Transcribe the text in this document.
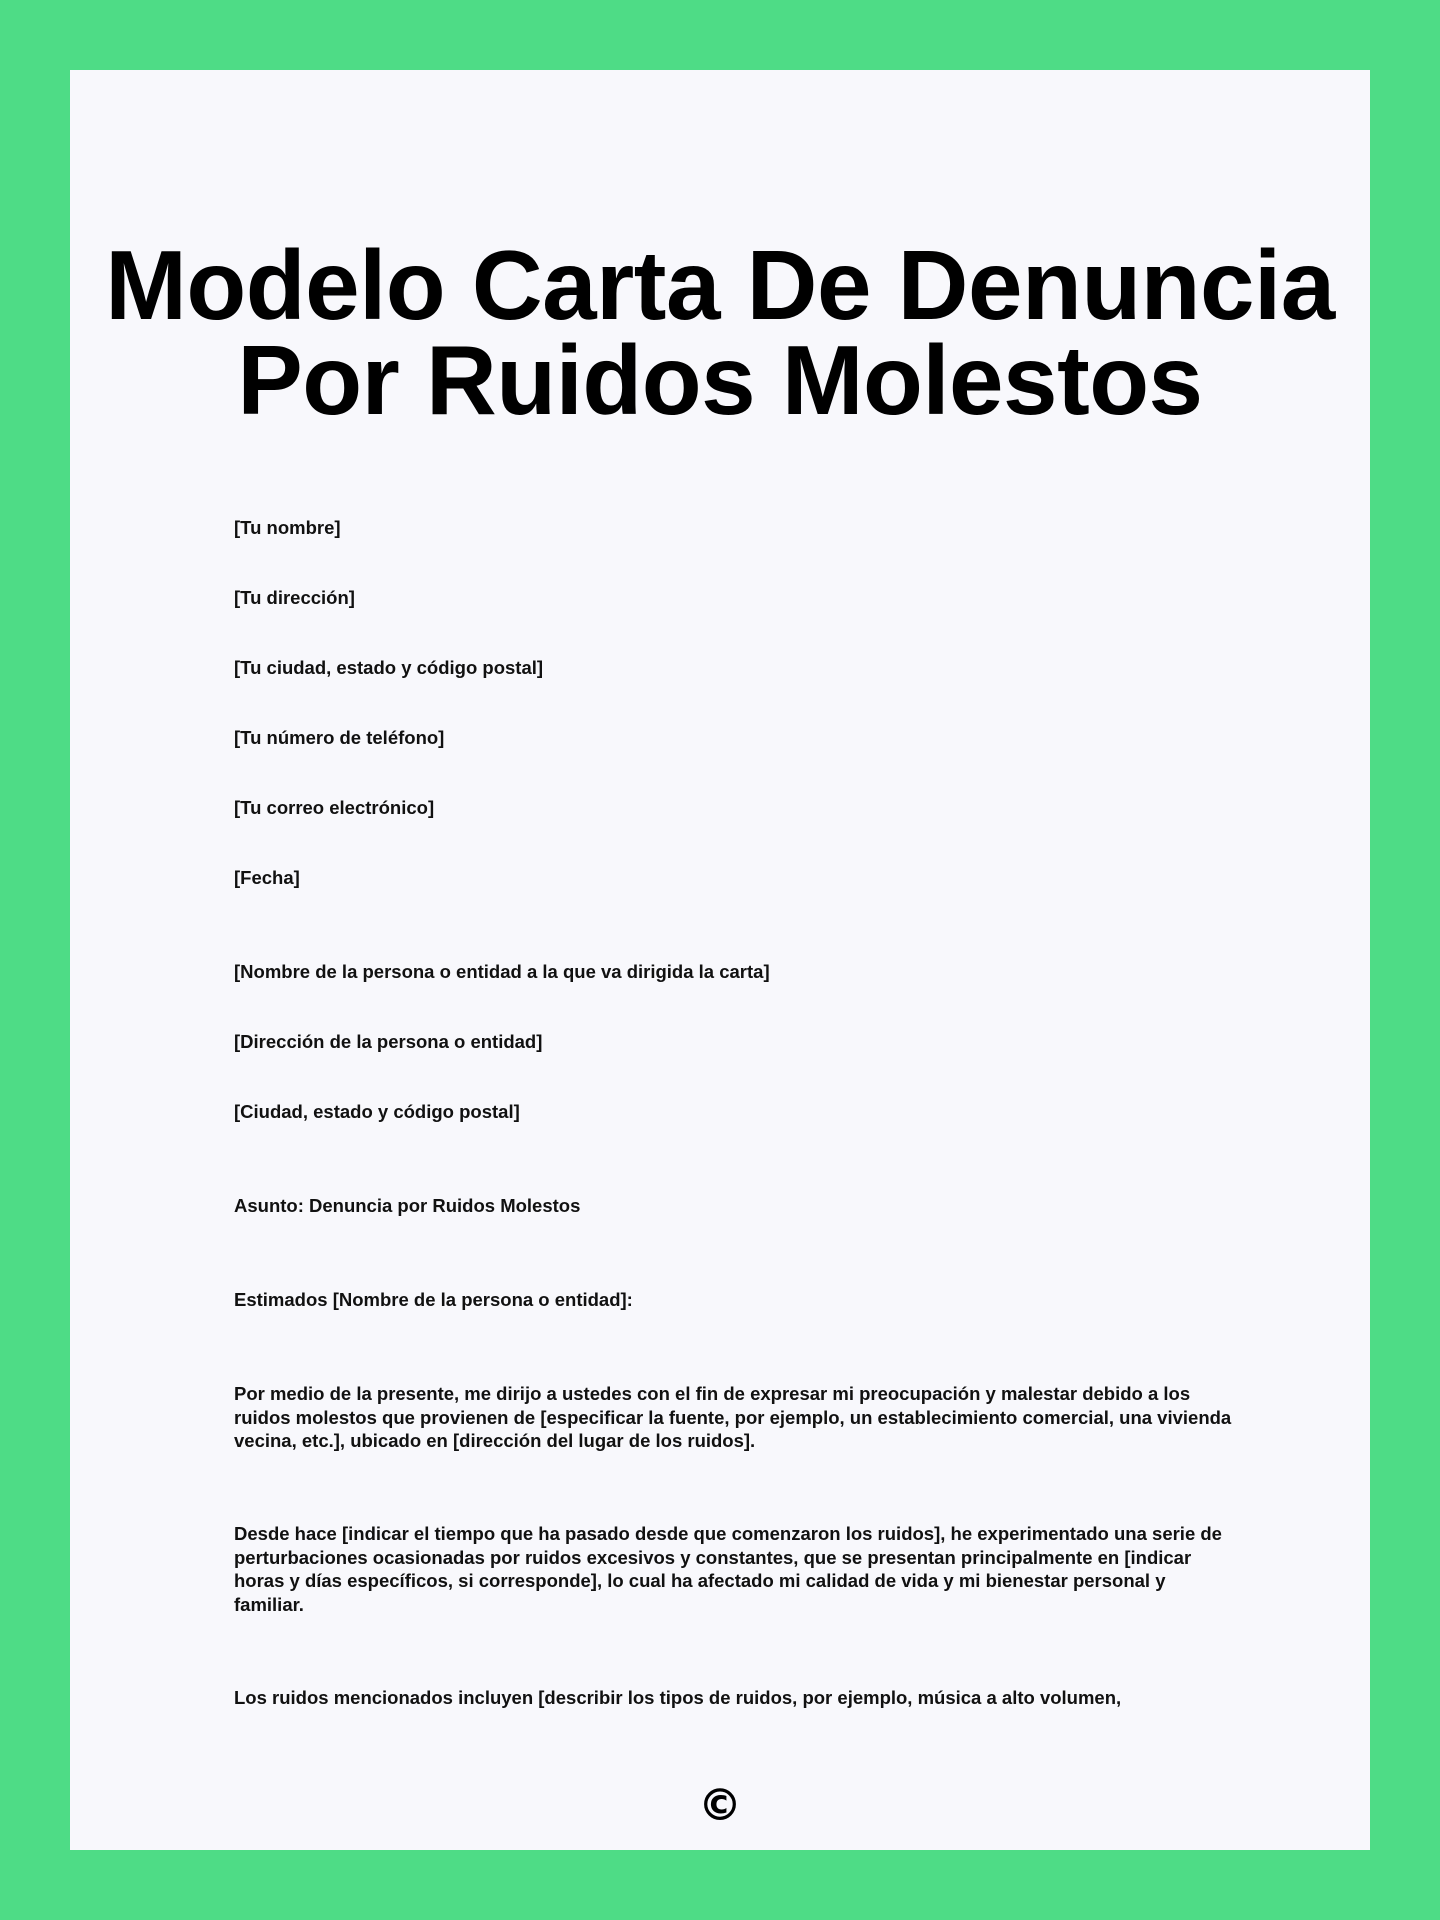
Modelo Carta De Denuncia
Por Ruidos Molestos

[Tu nombre]

[Tu dirección]

[Tu ciudad, estado y código postal]

[Tu número de teléfono]

[Tu correo electrónico]

[Fecha]

[Nombre de la persona o entidad a la que va dirigida la carta]

[Dirección de la persona o entidad]

[Ciudad, estado y código postal]

Asunto: Denuncia por Ruidos Molestos

Estimados [Nombre de la persona o entidad]:

Por medio de la presente, me dirijo a ustedes con el fin de expresar mi preocupación y malestar debido a los ruidos molestos que provienen de [especificar la fuente, por ejemplo, un establecimiento comercial, una vivienda vecina, etc.], ubicado en [dirección del lugar de los ruidos].

Desde hace [indicar el tiempo que ha pasado desde que comenzaron los ruidos], he experimentado una serie de perturbaciones ocasionadas por ruidos excesivos y constantes, que se presentan principalmente en [indicar horas y días específicos, si corresponde], lo cual ha afectado mi calidad de vida y mi bienestar personal y familiar.

Los ruidos mencionados incluyen [describir los tipos de ruidos, por ejemplo, música a alto volumen,

©
